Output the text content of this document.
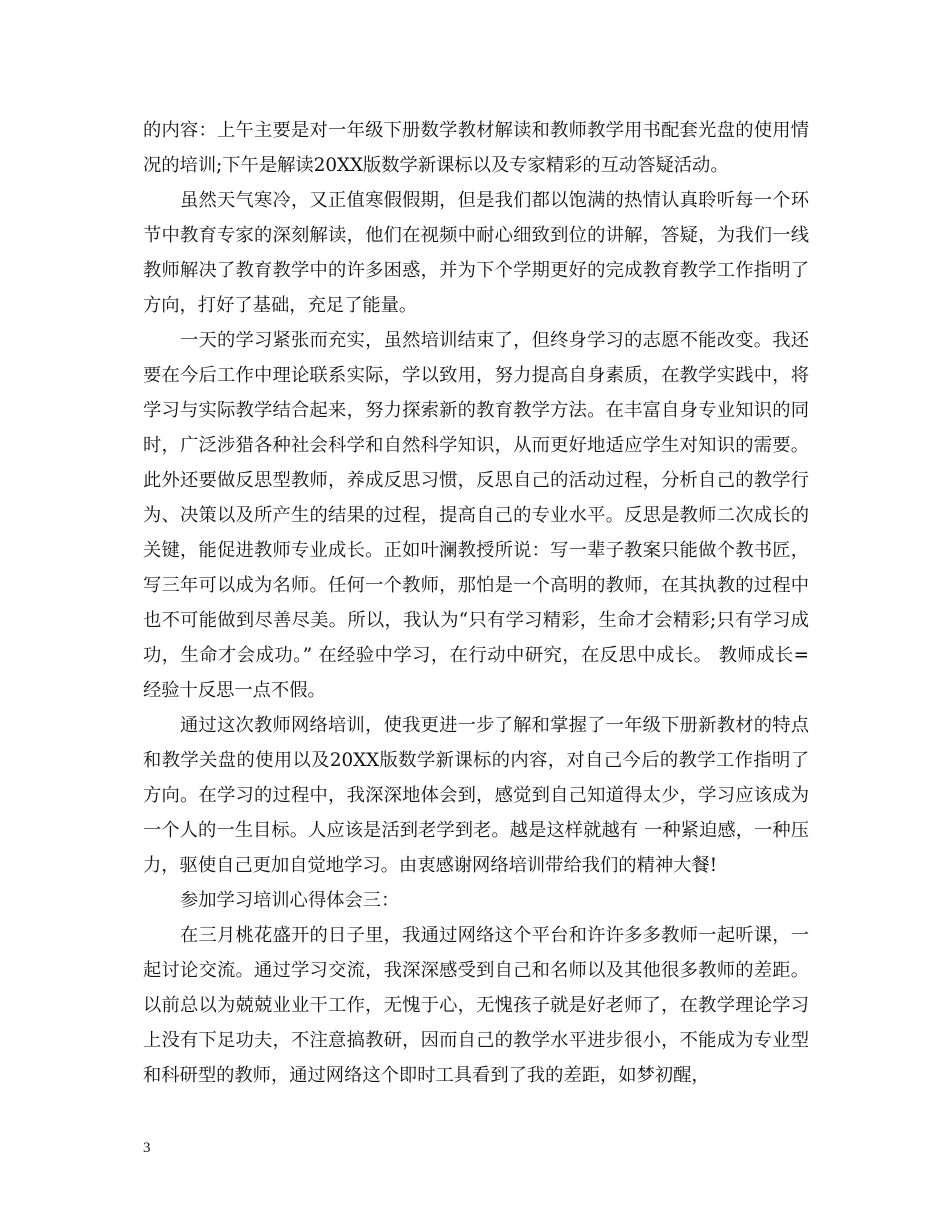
的内容：上午主要是对一年级下册数学教材解读和教师教学用书配套光盘的使用情况的培训;下午是解读20XX版数学新课标以及专家精彩的互动答疑活动。

虽然天气寒冷，又正值寒假假期，但是我们都以饱满的热情认真聆听每一个环节中教育专家的深刻解读，他们在视频中耐心细致到位的讲解，答疑，为我们一线教师解决了教育教学中的许多困惑，并为下个学期更好的完成教育教学工作指明了方向，打好了基础，充足了能量。

一天的学习紧张而充实，虽然培训结束了，但终身学习的志愿不能改变。我还要在今后工作中理论联系实际，学以致用，努力提高自身素质，在教学实践中，将学习与实际教学结合起来，努力探索新的教育教学方法。在丰富自身专业知识的同时，广泛涉猎各种社会科学和自然科学知识，从而更好地适应学生对知识的需要。此外还要做反思型教师，养成反思习惯，反思自己的活动过程，分析自己的教学行为、决策以及所产生的结果的过程，提高自己的专业水平。反思是教师二次成长的关键，能促进教师专业成长。正如叶澜教授所说：写一辈子教案只能做个教书匠，写三年可以成为名师。任何一个教师，那怕是一个高明的教师，在其执教的过程中也不可能做到尽善尽美。所以，我认为“只有学习精彩，生命才会精彩;只有学习成功，生命才会成功。” 在经验中学习，在行动中研究，在反思中成长。 教师成长=经验十反思一点不假。

通过这次教师网络培训，使我更进一步了解和掌握了一年级下册新教材的特点和教学关盘的使用以及20XX版数学新课标的内容，对自己今后的教学工作指明了方向。在学习的过程中，我深深地体会到，感觉到自己知道得太少，学习应该成为一个人的一生目标。人应该是活到老学到老。越是这样就越有 一种紧迫感，一种压力，驱使自己更加自觉地学习。由衷感谢网络培训带给我们的精神大餐!

参加学习培训心得体会三：

在三月桃花盛开的日子里，我通过网络这个平台和许许多多教师一起听课，一起讨论交流。通过学习交流，我深深感受到自己和名师以及其他很多教师的差距。以前总以为兢兢业业干工作，无愧于心，无愧孩子就是好老师了，在教学理论学习上没有下足功夫，不注意搞教研，因而自己的教学水平进步很小，不能成为专业型和科研型的教师，通过网络这个即时工具看到了我的差距，如梦初醒，

3
